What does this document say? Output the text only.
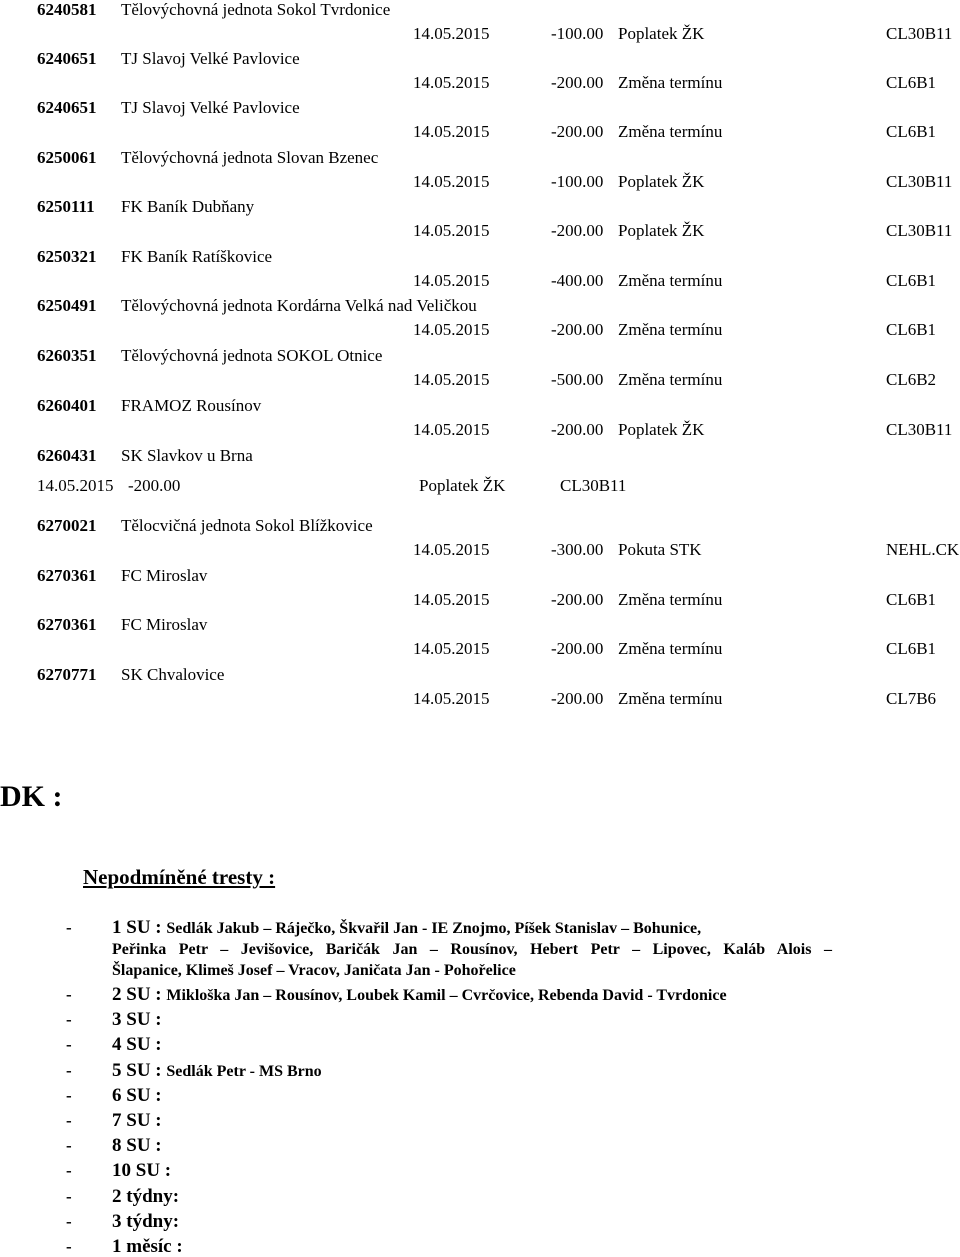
6240581 Tělovýchovná jednota Sokol Tvrdonice
14.05.2015	-100.00 Poplatek ŽK	CL30B11
6240651 TJ Slavoj Velké Pavlovice
14.05.2015	-200.00 Změna termínu	CL6B1
6240651 TJ Slavoj Velké Pavlovice
14.05.2015	-200.00 Změna termínu	CL6B1
6250061 Tělovýchovná jednota Slovan Bzenec
14.05.2015	-100.00 Poplatek ŽK	CL30B11
6250111 FK Baník Dubňany
14.05.2015	-200.00 Poplatek ŽK	CL30B11
6250321 FK Baník Ratíškovice
14.05.2015	-400.00 Změna termínu	CL6B1
6250491 Tělovýchovná jednota Kordárna Velká nad Veličkou
14.05.2015	-200.00 Změna termínu	CL6B1
6260351 Tělovýchovná jednota SOKOL Otnice
14.05.2015	-500.00 Změna termínu	CL6B2
6260401 FRAMOZ Rousínov
14.05.2015	-200.00 Poplatek ŽK	CL30B11
6260431 SK Slavkov u Brna
14.05.2015 -200.00	Poplatek ŽK	CL30B11
6270021 Tělocvičná jednota Sokol Blížkovice
14.05.2015	-300.00 Pokuta STK	NEHL.CK
6270361 FC Miroslav
14.05.2015	-200.00 Změna termínu	CL6B1
6270361 FC Miroslav
14.05.2015	-200.00 Změna termínu	CL6B1
6270771 SK Chvalovice
14.05.2015	-200.00 Změna termínu	CL7B6
DK :
Nepodmíněné tresty :
- 1 SU : Sedlák Jakub – Ráječko, Škvařil Jan - IE Znojmo, Píšek Stanislav – Bohunice,
Peřinka Petr – Jevišovice, Baričák Jan – Rousínov, Hebert Petr – Lipovec, Kaláb Alois –
Šlapanice, Klimeš Josef – Vracov, Janičata Jan - Pohořelice
- 2 SU : Mikloška Jan – Rousínov, Loubek Kamil – Cvrčovice, Rebenda David - Tvrdonice
- 3 SU :
- 4 SU :
- 5 SU : Sedlák Petr - MS Brno
- 6 SU :
- 7 SU :
- 8 SU :
- 10 SU :
- 2 týdny:
- 3 týdny:
- 1 měsíc :
